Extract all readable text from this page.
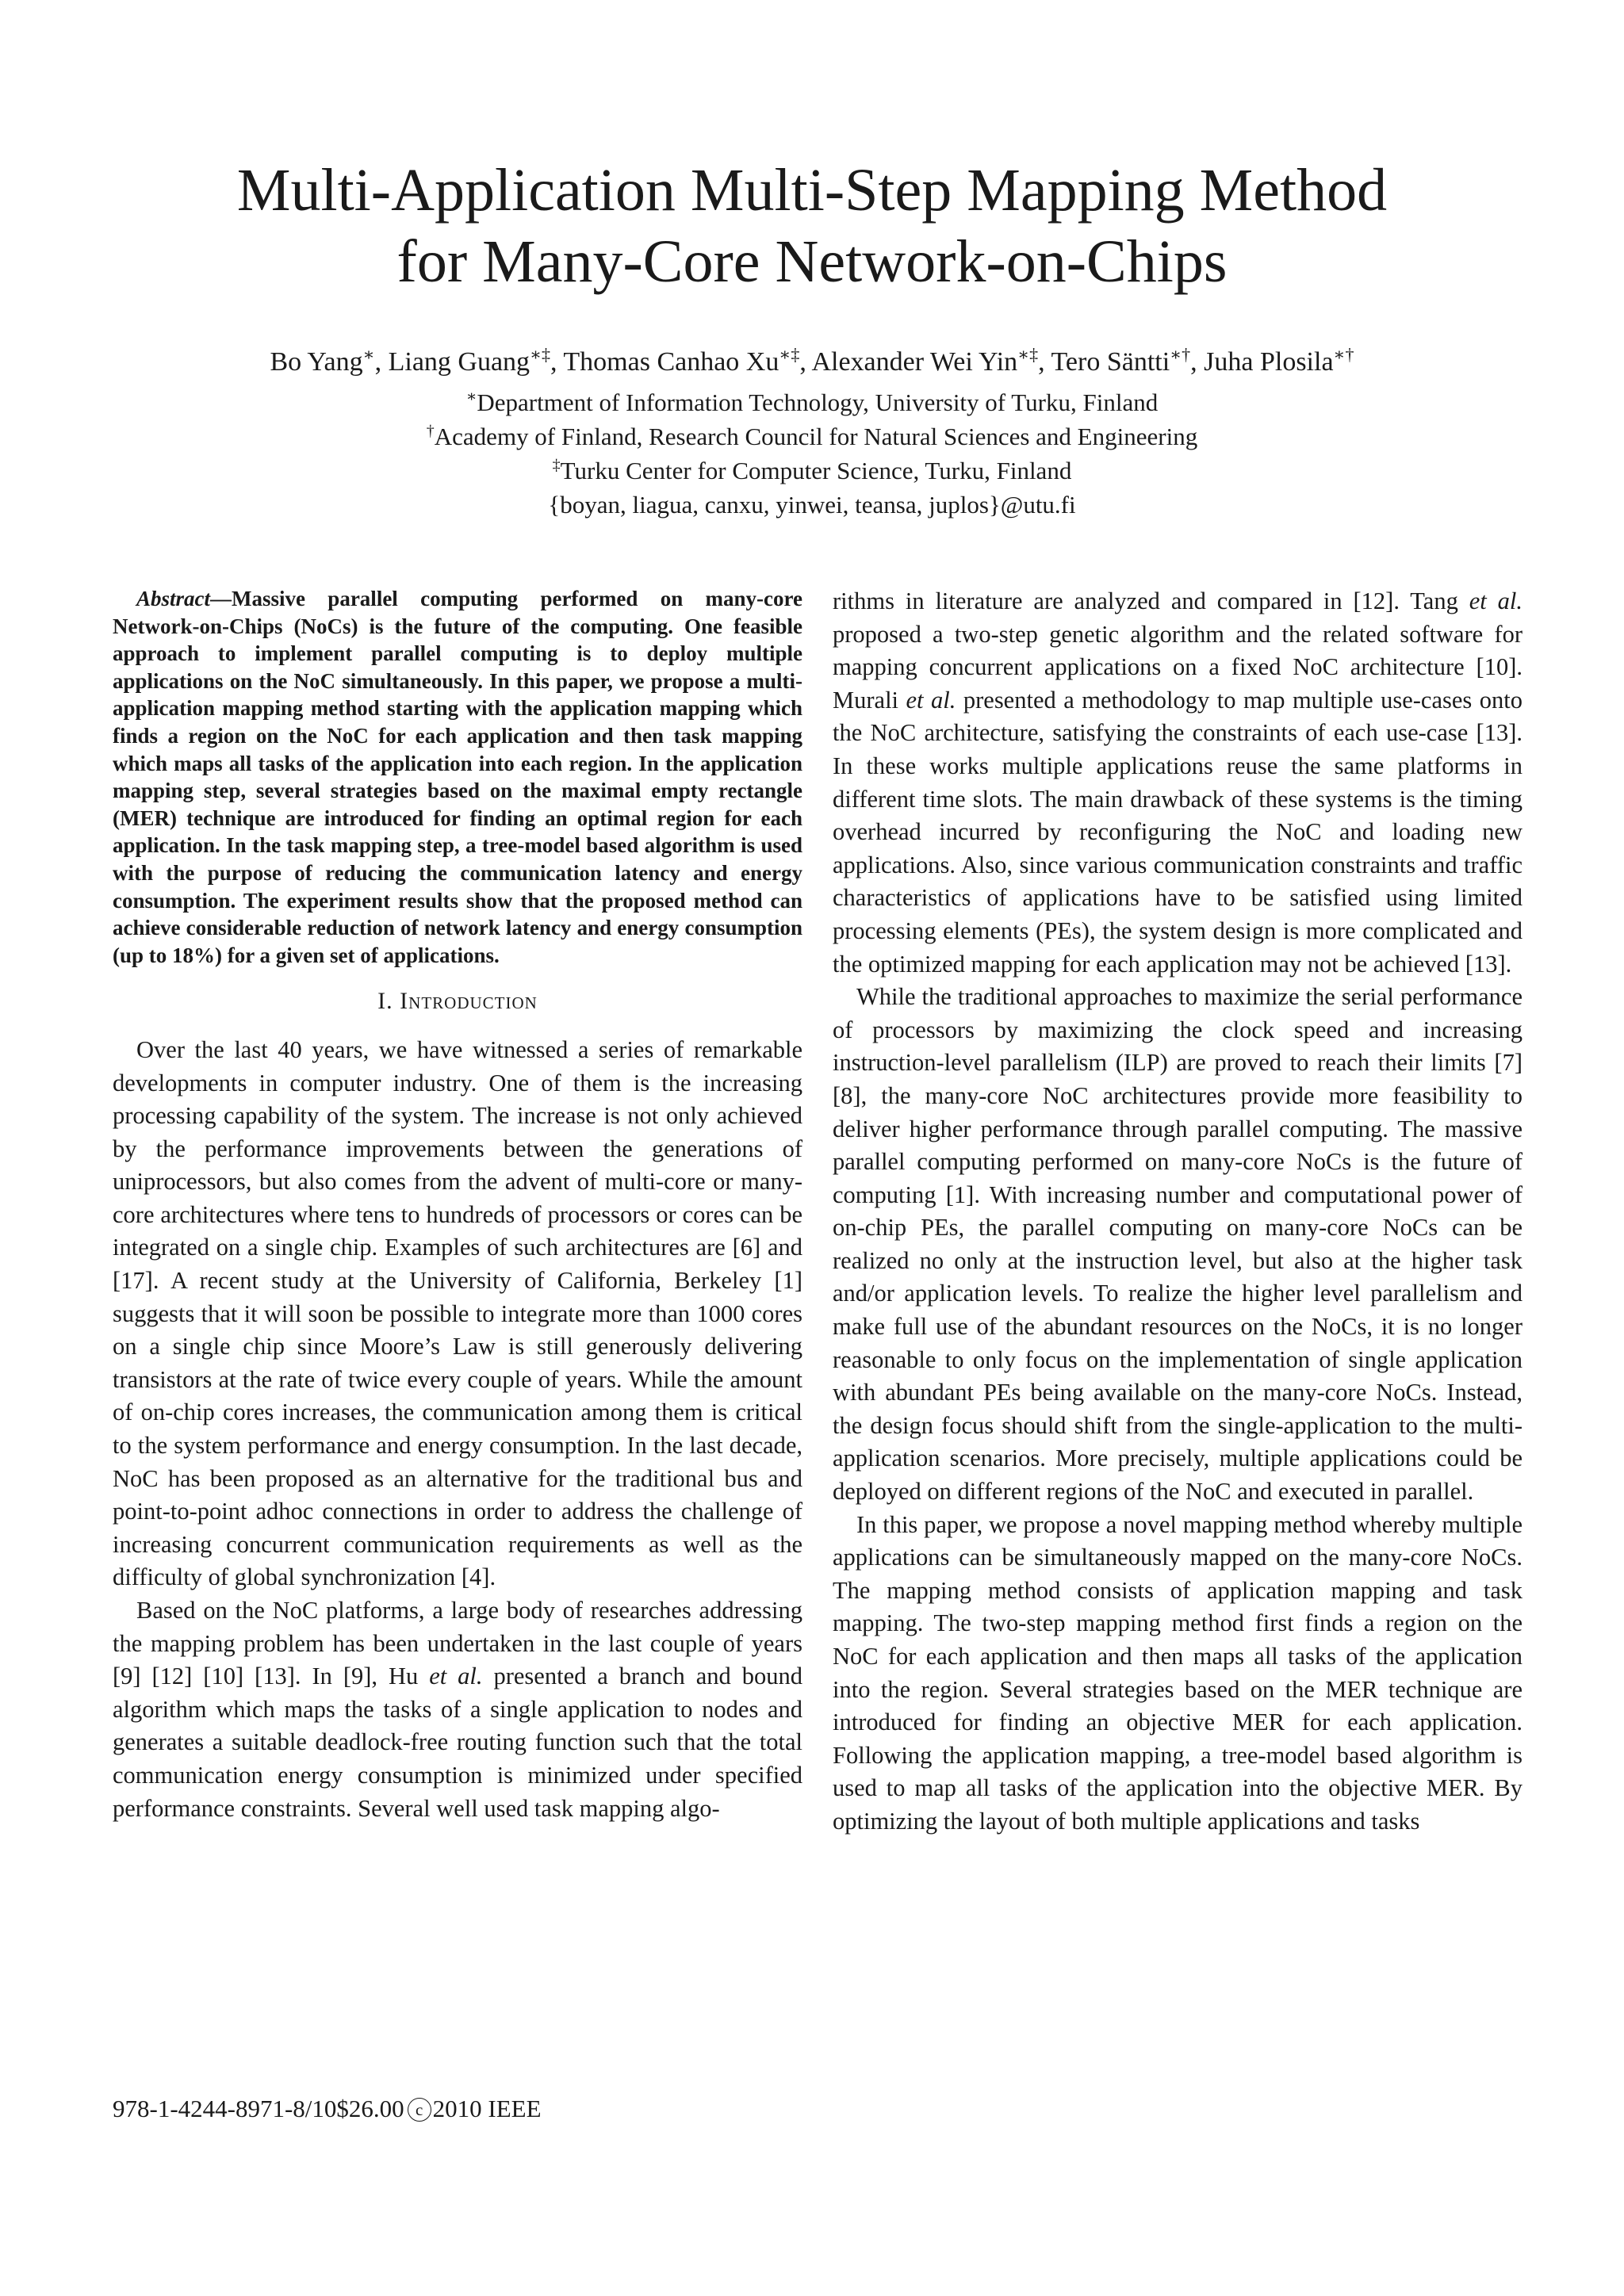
Multi-Application Multi-Step Mapping Method
for Many-Core Network-on-Chips
Bo Yang∗, Liang Guang∗‡, Thomas Canhao Xu∗‡, Alexander Wei Yin∗‡, Tero Säntti∗†, Juha Plosila∗†
∗Department of Information Technology, University of Turku, Finland
†Academy of Finland, Research Council for Natural Sciences and Engineering
‡Turku Center for Computer Science, Turku, Finland
{boyan, liagua, canxu, yinwei, teansa, juplos}@utu.fi

Abstract—Massive parallel computing performed on many-core Network-on-Chips (NoCs) is the future of the computing. One feasible approach to implement parallel computing is to deploy multiple applications on the NoC simultaneously. In this paper, we propose a multi-application mapping method starting with the application mapping which finds a region on the NoC for each application and then task mapping which maps all tasks of the application into each region. In the application mapping step, several strategies based on the maximal empty rectangle (MER) technique are introduced for finding an optimal region for each application. In the task mapping step, a tree-model based algorithm is used with the purpose of reducing the communication latency and energy consumption. The experiment results show that the proposed method can achieve considerable reduction of network latency and energy consumption (up to 18%) for a given set of applications.

I. Introduction

Over the last 40 years, we have witnessed a series of remarkable developments in computer industry. One of them is the increasing processing capability of the system. The increase is not only achieved by the performance improvements between the generations of uniprocessors, but also comes from the advent of multi-core or many-core architectures where tens to hundreds of processors or cores can be integrated on a single chip. Examples of such architectures are [6] and [17]. A recent study at the University of California, Berkeley [1] suggests that it will soon be possible to integrate more than 1000 cores on a single chip since Moore’s Law is still generously delivering transistors at the rate of twice every couple of years. While the amount of on-chip cores increases, the communication among them is critical to the system performance and energy consumption. In the last decade, NoC has been proposed as an alternative for the traditional bus and point-to-point adhoc connections in order to address the challenge of increasing concurrent communication requirements as well as the difficulty of global synchronization [4].

Based on the NoC platforms, a large body of researches addressing the mapping problem has been undertaken in the last couple of years [9] [12] [10] [13]. In [9], Hu et al. presented a branch and bound algorithm which maps the tasks of a single application to nodes and generates a suitable deadlock-free routing function such that the total communication energy consumption is minimized under specified performance constraints. Several well used task mapping algo-

rithms in literature are analyzed and compared in [12]. Tang et al. proposed a two-step genetic algorithm and the related software for mapping concurrent applications on a fixed NoC architecture [10]. Murali et al. presented a methodology to map multiple use-cases onto the NoC architecture, satisfying the constraints of each use-case [13]. In these works multiple applications reuse the same platforms in different time slots. The main drawback of these systems is the timing overhead incurred by reconfiguring the NoC and loading new applications. Also, since various communication constraints and traffic characteristics of applications have to be satisfied using limited processing elements (PEs), the system design is more complicated and the optimized mapping for each application may not be achieved [13].

While the traditional approaches to maximize the serial performance of processors by maximizing the clock speed and increasing instruction-level parallelism (ILP) are proved to reach their limits [7] [8], the many-core NoC architectures provide more feasibility to deliver higher performance through parallel computing. The massive parallel computing performed on many-core NoCs is the future of computing [1]. With increasing number and computational power of on-chip PEs, the parallel computing on many-core NoCs can be realized no only at the instruction level, but also at the higher task and/or application levels. To realize the higher level parallelism and make full use of the abundant resources on the NoCs, it is no longer reasonable to only focus on the implementation of single application with abundant PEs being available on the many-core NoCs. Instead, the design focus should shift from the single-application to the multi-application scenarios. More precisely, multiple applications could be deployed on different regions of the NoC and executed in parallel.

In this paper, we propose a novel mapping method whereby multiple applications can be simultaneously mapped on the many-core NoCs. The mapping method consists of application mapping and task mapping. The two-step mapping method first finds a region on the NoC for each application and then maps all tasks of the application into the region. Several strategies based on the MER technique are introduced for finding an objective MER for each application. Following the application mapping, a tree-model based algorithm is used to map all tasks of the application into the objective MER. By optimizing the layout of both multiple applications and tasks

978-1-4244-8971-8/10$26.00 c 2010 IEEE
